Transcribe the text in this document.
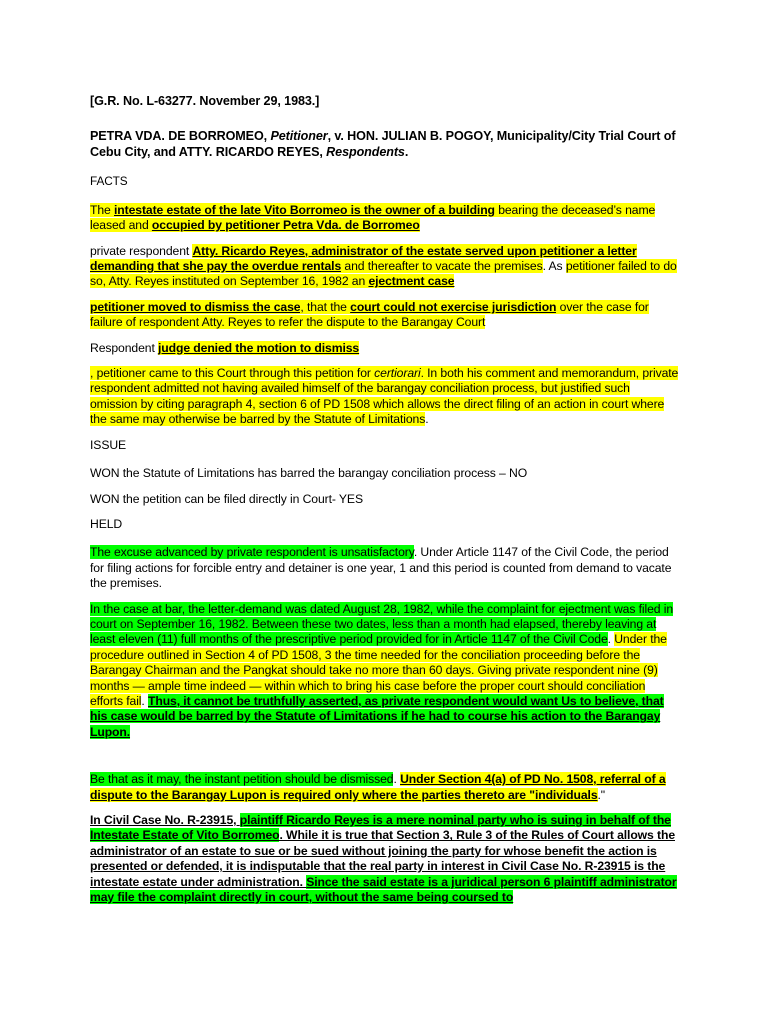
[G.R. No. L-63277. November 29, 1983.]

PETRA VDA. DE BORROMEO, Petitioner, v. HON. JULIAN B. POGOY, Municipality/City Trial Court of Cebu City, and ATTY. RICARDO REYES, Respondents.

FACTS

The intestate estate of the late Vito Borromeo is the owner of a building bearing the deceased’s name leased and occupied by petitioner Petra Vda. de Borromeo

private respondent Atty. Ricardo Reyes, administrator of the estate served upon petitioner a letter demanding that she pay the overdue rentals and thereafter to vacate the premises. As petitioner failed to do so, Atty. Reyes instituted on September 16, 1982 an ejectment case

petitioner moved to dismiss the case, that the court could not exercise jurisdiction over the case for failure of respondent Atty. Reyes to refer the dispute to the Barangay Court

Respondent judge denied the motion to dismiss

, petitioner came to this Court through this petition for certiorari. In both his comment and memorandum, private respondent admitted not having availed himself of the barangay conciliation process, but justified such omission by citing paragraph 4, section 6 of PD 1508 which allows the direct filing of an action in court where the same may otherwise be barred by the Statute of Limitations.

ISSUE

WON the Statute of Limitations has barred the barangay conciliation process – NO

WON the petition can be filed directly in Court- YES

HELD

The excuse advanced by private respondent is unsatisfactory. Under Article 1147 of the Civil Code, the period for filing actions for forcible entry and detainer is one year, 1 and this period is counted from demand to vacate the premises.

In the case at bar, the letter-demand was dated August 28, 1982, while the complaint for ejectment was filed in court on September 16, 1982. Between these two dates, less than a month had elapsed, thereby leaving at least eleven (11) full months of the prescriptive period provided for in Article 1147 of the Civil Code. Under the procedure outlined in Section 4 of PD 1508, 3 the time needed for the conciliation proceeding before the Barangay Chairman and the Pangkat should take no more than 60 days. Giving private respondent nine (9) months — ample time indeed — within which to bring his case before the proper court should conciliation efforts fail. Thus, it cannot be truthfully asserted, as private respondent would want Us to believe, that his case would be barred by the Statute of Limitations if he had to course his action to the Barangay Lupon.

Be that as it may, the instant petition should be dismissed. Under Section 4(a) of PD No. 1508, referral of a dispute to the Barangay Lupon is required only where the parties thereto are "individuals."

In Civil Case No. R-23915, plaintiff Ricardo Reyes is a mere nominal party who is suing in behalf of the Intestate Estate of Vito Borromeo. While it is true that Section 3, Rule 3 of the Rules of Court allows the administrator of an estate to sue or be sued without joining the party for whose benefit the action is presented or defended, it is indisputable that the real party in interest in Civil Case No. R-23915 is the intestate estate under administration. Since the said estate is a juridical person 6 plaintiff administrator may file the complaint directly in court, without the same being coursed to
